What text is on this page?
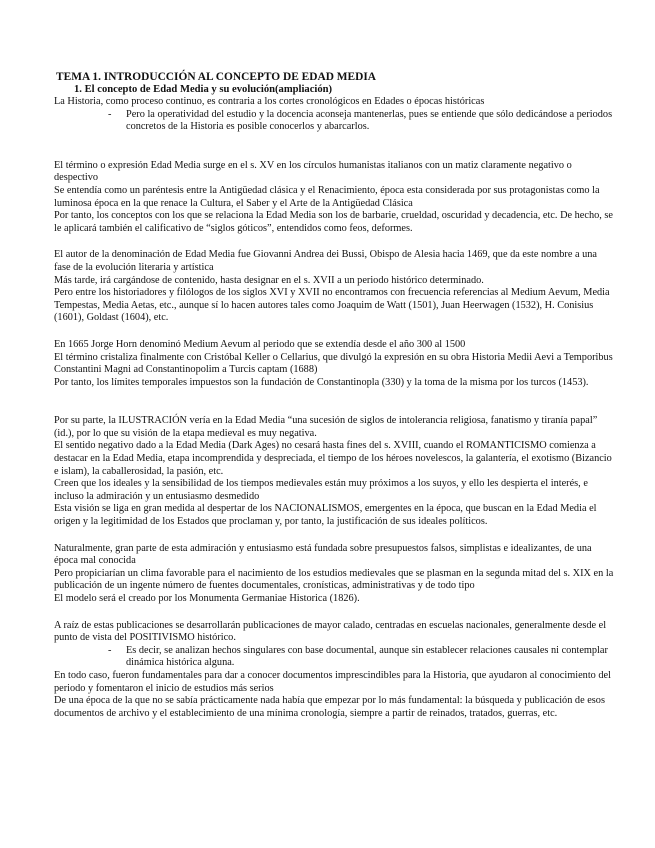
TEMA 1. INTRODUCCIÓN AL CONCEPTO DE EDAD MEDIA

1. El concepto de Edad Media y su evolución(ampliación)

La Historia, como proceso continuo, es contraria a los cortes cronológicos en Edades o épocas históricas

- Pero la operatividad del estudio y la docencia aconseja mantenerlas, pues se entiende que sólo dedicándose a periodos concretos de la Historia es posible conocerlos y abarcarlos.

El término o expresión Edad Media surge en el s. XV en los círculos humanistas italianos con un matiz claramente negativo o despectivo

Se entendía como un paréntesis entre la Antigüedad clásica y el Renacimiento, época esta considerada por sus protagonistas como la luminosa época en la que renace la Cultura, el Saber y el Arte de la Antigüedad Clásica

Por tanto, los conceptos con los que se relaciona la Edad Media son los de barbarie, crueldad, oscuridad y decadencia, etc. De hecho, se le aplicará también el calificativo de “siglos góticos”, entendidos como feos, deformes.

El autor de la denominación de Edad Media fue Giovanni Andrea dei Bussi, Obispo de Alesia hacia 1469, que da este nombre a una fase de la evolución literaria y artística

Más tarde, irá cargándose de contenido, hasta designar en el s. XVII a un periodo histórico determinado.

Pero entre los historiadores y filólogos de los siglos XVI y XVII no encontramos con frecuencia referencias al Medium Aevum, Media Tempestas, Media Aetas, etc., aunque sí lo hacen autores tales como Joaquim de Watt (1501), Juan Heerwagen (1532), H. Conisius (1601), Goldast (1604), etc.

En 1665 Jorge Horn denominó Medium Aevum al periodo que se extendía desde el año 300 al 1500

El término cristaliza finalmente con Cristóbal Keller o Cellarius, que divulgó la expresión en su obra Historia Medii Aevi a Temporibus Constantini Magni ad Constantinopolim a Turcis captam (1688)

Por tanto, los límites temporales impuestos son la fundación de Constantinopla (330) y la toma de la misma por los turcos (1453).

Por su parte, la ILUSTRACIÓN vería en la Edad Media “una sucesión de siglos de intolerancia religiosa, fanatismo y tiranía papal” (id.), por lo que su visión de la etapa medieval es muy negativa.

El sentido negativo dado a la Edad Media (Dark Ages) no cesará hasta fines del s. XVIII, cuando el ROMANTICISMO comienza a destacar en la Edad Media, etapa incomprendida y despreciada, el tiempo de los héroes novelescos, la galantería, el exotismo (Bizancio e islam), la caballerosidad, la pasión, etc.

Creen que los ideales y la sensibilidad de los tiempos medievales están muy próximos a los suyos, y ello les despierta el interés, e incluso la admiración y un entusiasmo desmedido

Esta visión se liga en gran medida al despertar de los NACIONALISMOS, emergentes en la época, que buscan en la Edad Media el origen y la legitimidad de los Estados que proclaman y, por tanto, la justificación de sus ideales políticos.

Naturalmente, gran parte de esta admiración y entusiasmo está fundada sobre presupuestos falsos, simplistas e idealizantes, de una época mal conocida

Pero propiciarían un clima favorable para el nacimiento de los estudios medievales que se plasman en la segunda mitad del s. XIX en la publicación de un ingente número de fuentes documentales, cronísticas, administrativas y de todo tipo

El modelo será el creado por los Monumenta Germaniae Historica (1826).

A raíz de estas publicaciones se desarrollarán publicaciones de mayor calado, centradas en escuelas nacionales, generalmente desde el punto de vista del POSITIVISMO histórico.

- Es decir, se analizan hechos singulares con base documental, aunque sin establecer relaciones causales ni contemplar dinámica histórica alguna.

En todo caso, fueron fundamentales para dar a conocer documentos imprescindibles para la Historia, que ayudaron al conocimiento del periodo y fomentaron el inicio de estudios más serios

De una época de la que no se sabía prácticamente nada había que empezar por lo más fundamental: la búsqueda y publicación de esos documentos de archivo y el establecimiento de una mínima cronología, siempre a partir de reinados, tratados, guerras, etc.
